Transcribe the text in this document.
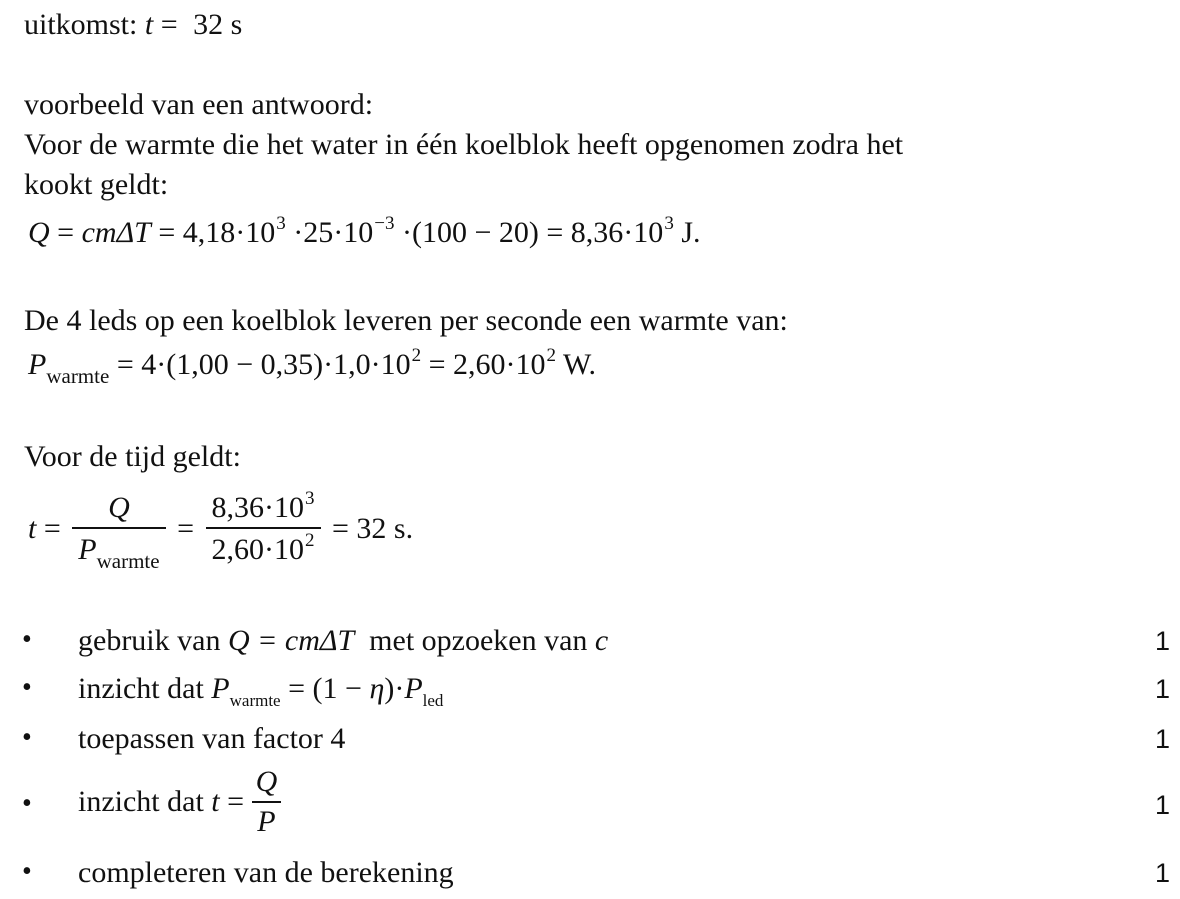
uitkomst: t = 32 s
voorbeeld van een antwoord:
Voor de warmte die het water in één koelblok heeft opgenomen zodra het
kookt geldt:
$Q = cm\Delta T = 4,18\cdot 10^3 \cdot 25\cdot 10^{-3} \cdot(100 - 20) = 8,36\cdot 10^3$ J.
De 4 leds op een koelblok leveren per seconde een warmte van:
$P_{warmte} = 4\cdot(1,00 - 0,35)\cdot 1,0\cdot 10^2 = 2,60\cdot 10^2$ W.
Voor de tijd geldt:
$t = \frac{Q}{P_{warmte}} = \frac{8,36\cdot 10^3}{2,60\cdot 10^2} = 32$ s.
• gebruik van Q = cmΔT  met opzoeken van c	1
• inzicht dat $P_{warmte} = (1 - \eta)\cdot P_{led}$	1
• toepassen van factor 4	1
• inzicht dat $t = \frac{Q}{P}$	1
• completeren van de berekening	1
